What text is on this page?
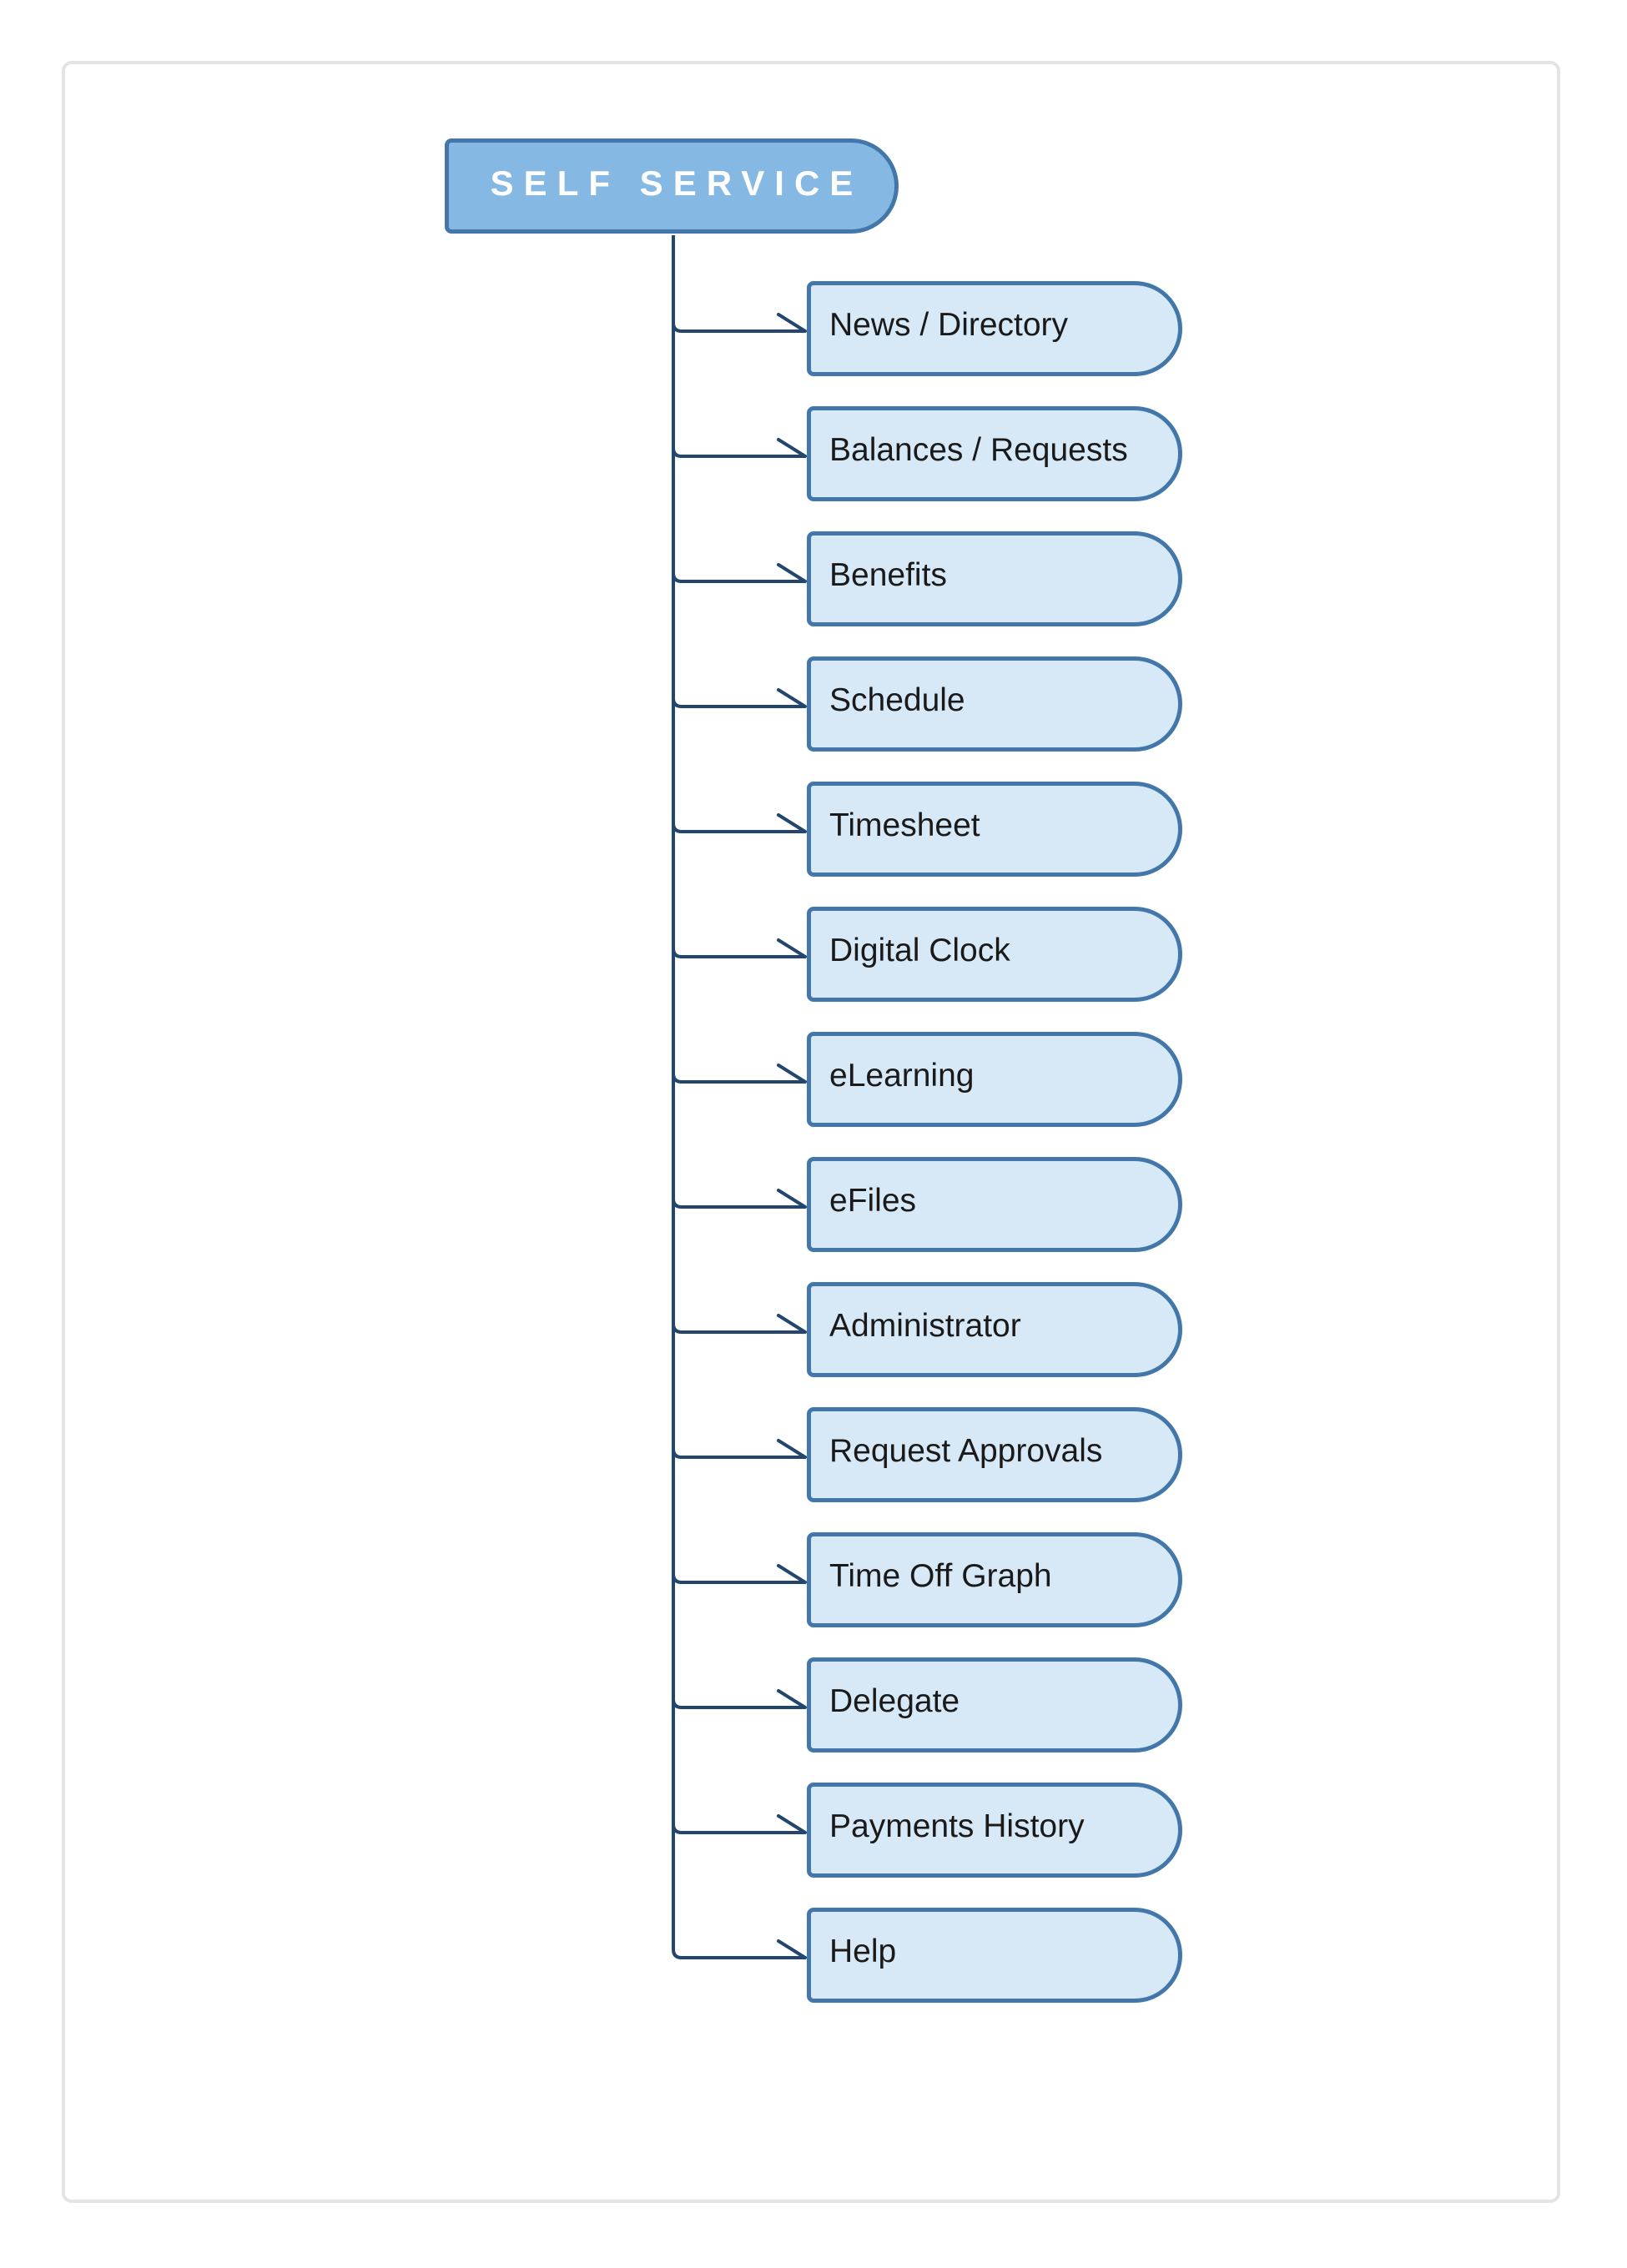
SELF SERVICE
News / Directory
Balances / Requests
Benefits
Schedule
Timesheet
Digital Clock
eLearning
eFiles
Administrator
Request Approvals
Time Off Graph
Delegate
Payments History
Help
